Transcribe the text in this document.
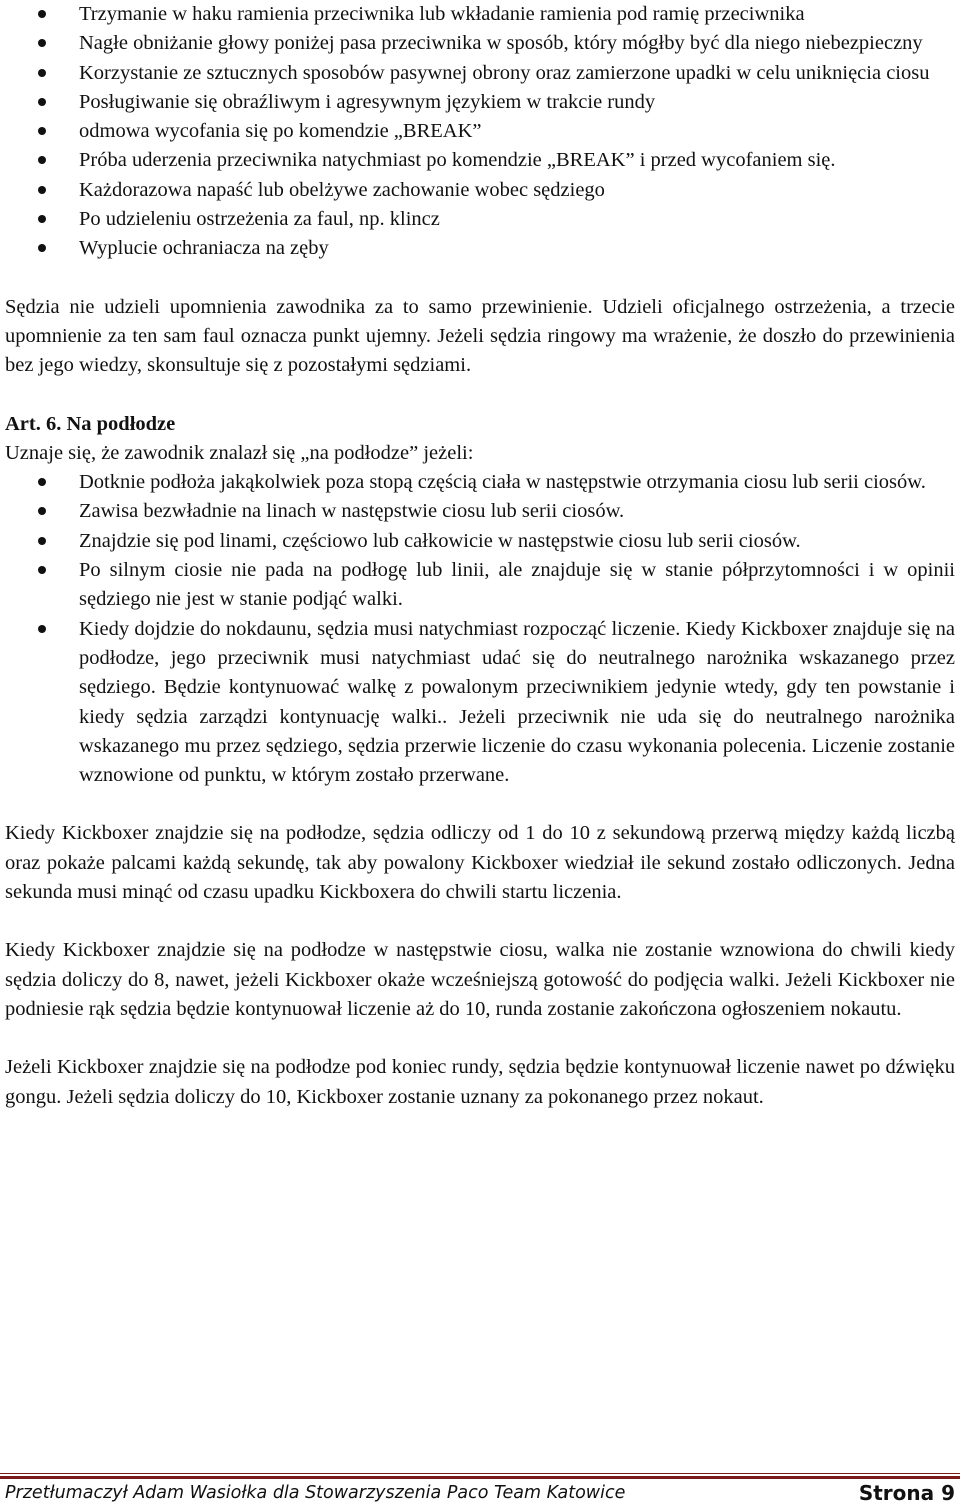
Trzymanie w haku ramienia przeciwnika lub wkładanie ramienia pod ramię przeciwnika
Nagłe obniżanie głowy poniżej pasa przeciwnika w sposób, który mógłby być dla niego niebezpieczny
Korzystanie ze sztucznych sposobów pasywnej obrony oraz zamierzone upadki w celu uniknięcia ciosu
Posługiwanie się obraźliwym i agresywnym językiem w trakcie rundy
odmowa wycofania się po komendzie „BREAK”
Próba uderzenia przeciwnika natychmiast po komendzie „BREAK” i przed wycofaniem się.
Każdorazowa napaść lub obelżywe zachowanie wobec sędziego
Po udzieleniu ostrzeżenia za faul, np. klincz
Wyplucie ochraniacza na zęby

Sędzia nie udzieli upomnienia zawodnika za to samo przewinienie. Udzieli oficjalnego ostrzeżenia, a trzecie upomnienie za ten sam faul oznacza punkt ujemny. Jeżeli sędzia ringowy ma wrażenie, że doszło do przewinienia bez jego wiedzy, skonsultuje się z pozostałymi sędziami.

Art. 6. Na podłodze

Uznaje się, że zawodnik znalazł się „na podłodze” jeżeli:

Dotknie podłoża jakąkolwiek poza stopą częścią ciała w następstwie otrzymania ciosu lub serii ciosów.
Zawisa bezwładnie na linach w następstwie ciosu lub serii ciosów.
Znajdzie się pod linami, częściowo lub całkowicie w następstwie ciosu lub serii ciosów.
Po silnym ciosie nie pada na podłogę lub linii, ale znajduje się w stanie półprzytomności i w opinii sędziego nie jest w stanie podjąć walki.
Kiedy dojdzie do nokdaunu, sędzia musi natychmiast rozpocząć liczenie. Kiedy Kickboxer znajduje się na podłodze, jego przeciwnik musi natychmiast udać się do neutralnego narożnika wskazanego przez sędziego. Będzie kontynuować walkę z powalonym przeciwnikiem jedynie wtedy, gdy ten powstanie i kiedy sędzia zarządzi kontynuację walki.. Jeżeli przeciwnik nie uda się do neutralnego narożnika wskazanego mu przez sędziego, sędzia przerwie liczenie do czasu wykonania polecenia. Liczenie zostanie wznowione od punktu, w którym zostało przerwane.

Kiedy Kickboxer znajdzie się na podłodze, sędzia odliczy od 1 do 10 z sekundową przerwą między każdą liczbą oraz pokaże palcami każdą sekundę, tak aby powalony Kickboxer wiedział ile sekund zostało odliczonych. Jedna sekunda musi minąć od czasu upadku Kickboxera do chwili startu liczenia.

Kiedy Kickboxer znajdzie się na podłodze w następstwie ciosu, walka nie zostanie wznowiona do chwili kiedy sędzia doliczy do 8, nawet, jeżeli Kickboxer okaże wcześniejszą gotowość do podjęcia walki. Jeżeli Kickboxer nie podniesie rąk sędzia będzie kontynuował liczenie aż do 10, runda zostanie zakończona ogłoszeniem nokautu.

Jeżeli Kickboxer znajdzie się na podłodze pod koniec rundy, sędzia będzie kontynuował liczenie nawet po dźwięku gongu. Jeżeli sędzia doliczy do 10, Kickboxer zostanie uznany za pokonanego przez nokaut.

Przetłumaczył Adam Wasiołka dla Stowarzyszenia Paco Team Katowice	Strona 9
